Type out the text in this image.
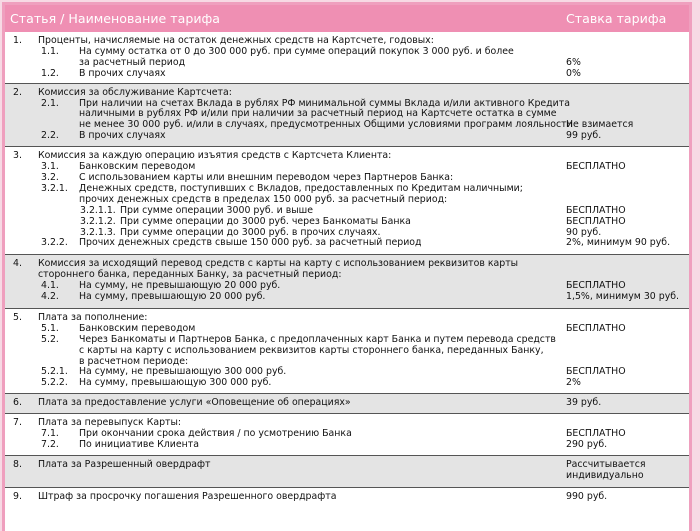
Статья / Наименование тарифа	Ставка тарифа
1.	Проценты, начисляемые на остаток денежных средств на Картсчете, годовых:	
	1.1. На сумму остатка от 0 до 300 000 руб. при сумме операций покупок 3 000 руб. и более
за расчетный период	6%

	1.2. В прочих случаях	0%

2.	Комиссия за обслуживание Картсчета:	
	2.1. При наличии на счетах Вклада в рублях РФ минимальной суммы Вклада и/или активного Кредита
наличными в рублях РФ и/или при наличии за расчетный период на Картсчете остатка в сумме
не менее 30 000 руб. и/или в случаях, предусмотренных Общими условиями программ лояльности	Не взимается

	2.2. В прочих случаях	99 руб.

3.	Комиссия за каждую операцию изъятия средств с Картсчета Клиента:	
	3.1. Банковским переводом	БЕСПЛАТНО

	3.2. С использованием карты или внешним переводом через Партнеров Банка:	
	3.2.1. Денежных средств, поступивших с Вкладов, предоставленных по Кредитам наличными;
прочих денежных средств в пределах 150 000 руб. за расчетный период:	

	3.2.1.1. При сумме операции 3000 руб. и выше	БЕСПЛАТНО

	3.2.1.2. При сумме операции до 3000 руб. через Банкоматы Банка	БЕСПЛАТНО

	3.2.1.3. При сумме операции до 3000 руб. в прочих случаях.	90 руб.

	3.2.2. Прочих денежных средств свыше 150 000 руб. за расчетный период	2%, минимум 90 руб.

4.	Комиссия за исходящий перевод средств с карты на карту с использованием реквизитов карты
стороннего банка, переданных Банку, за расчетный период:	

	4.1. На сумму, не превышающую 20 000 руб.	БЕСПЛАТНО

	4.2. На сумму, превышающую 20 000 руб.	1,5%, минимум 30 руб.

5.	Плата за пополнение:	
	5.1. Банковским переводом	БЕСПЛАТНО

	5.2. Через Банкоматы и Партнеров Банка, с предоплаченных карт Банка и путем перевода средств
с карты на карту с использованием реквизитов карты стороннего банка, переданных Банку,
в расчетном периоде:	

	5.2.1. На сумму, не превышающую 300 000 руб.	БЕСПЛАТНО

	5.2.2. На сумму, превышающую 300 000 руб.	2%

6.	Плата за предоставление услуги «Оповещение об операциях»	39 руб.

7.	Плата за перевыпуск Карты:	
	7.1. При окончании срока действия / по усмотрению Банка	БЕСПЛАТНО

	7.2. По инициативе Клиента	290 руб.

8.	Плата за Разрешенный овердрафт	Рассчитывается
индивидуально

9.	Штраф за просрочку погашения Разрешенного овердрафта	990 руб.
